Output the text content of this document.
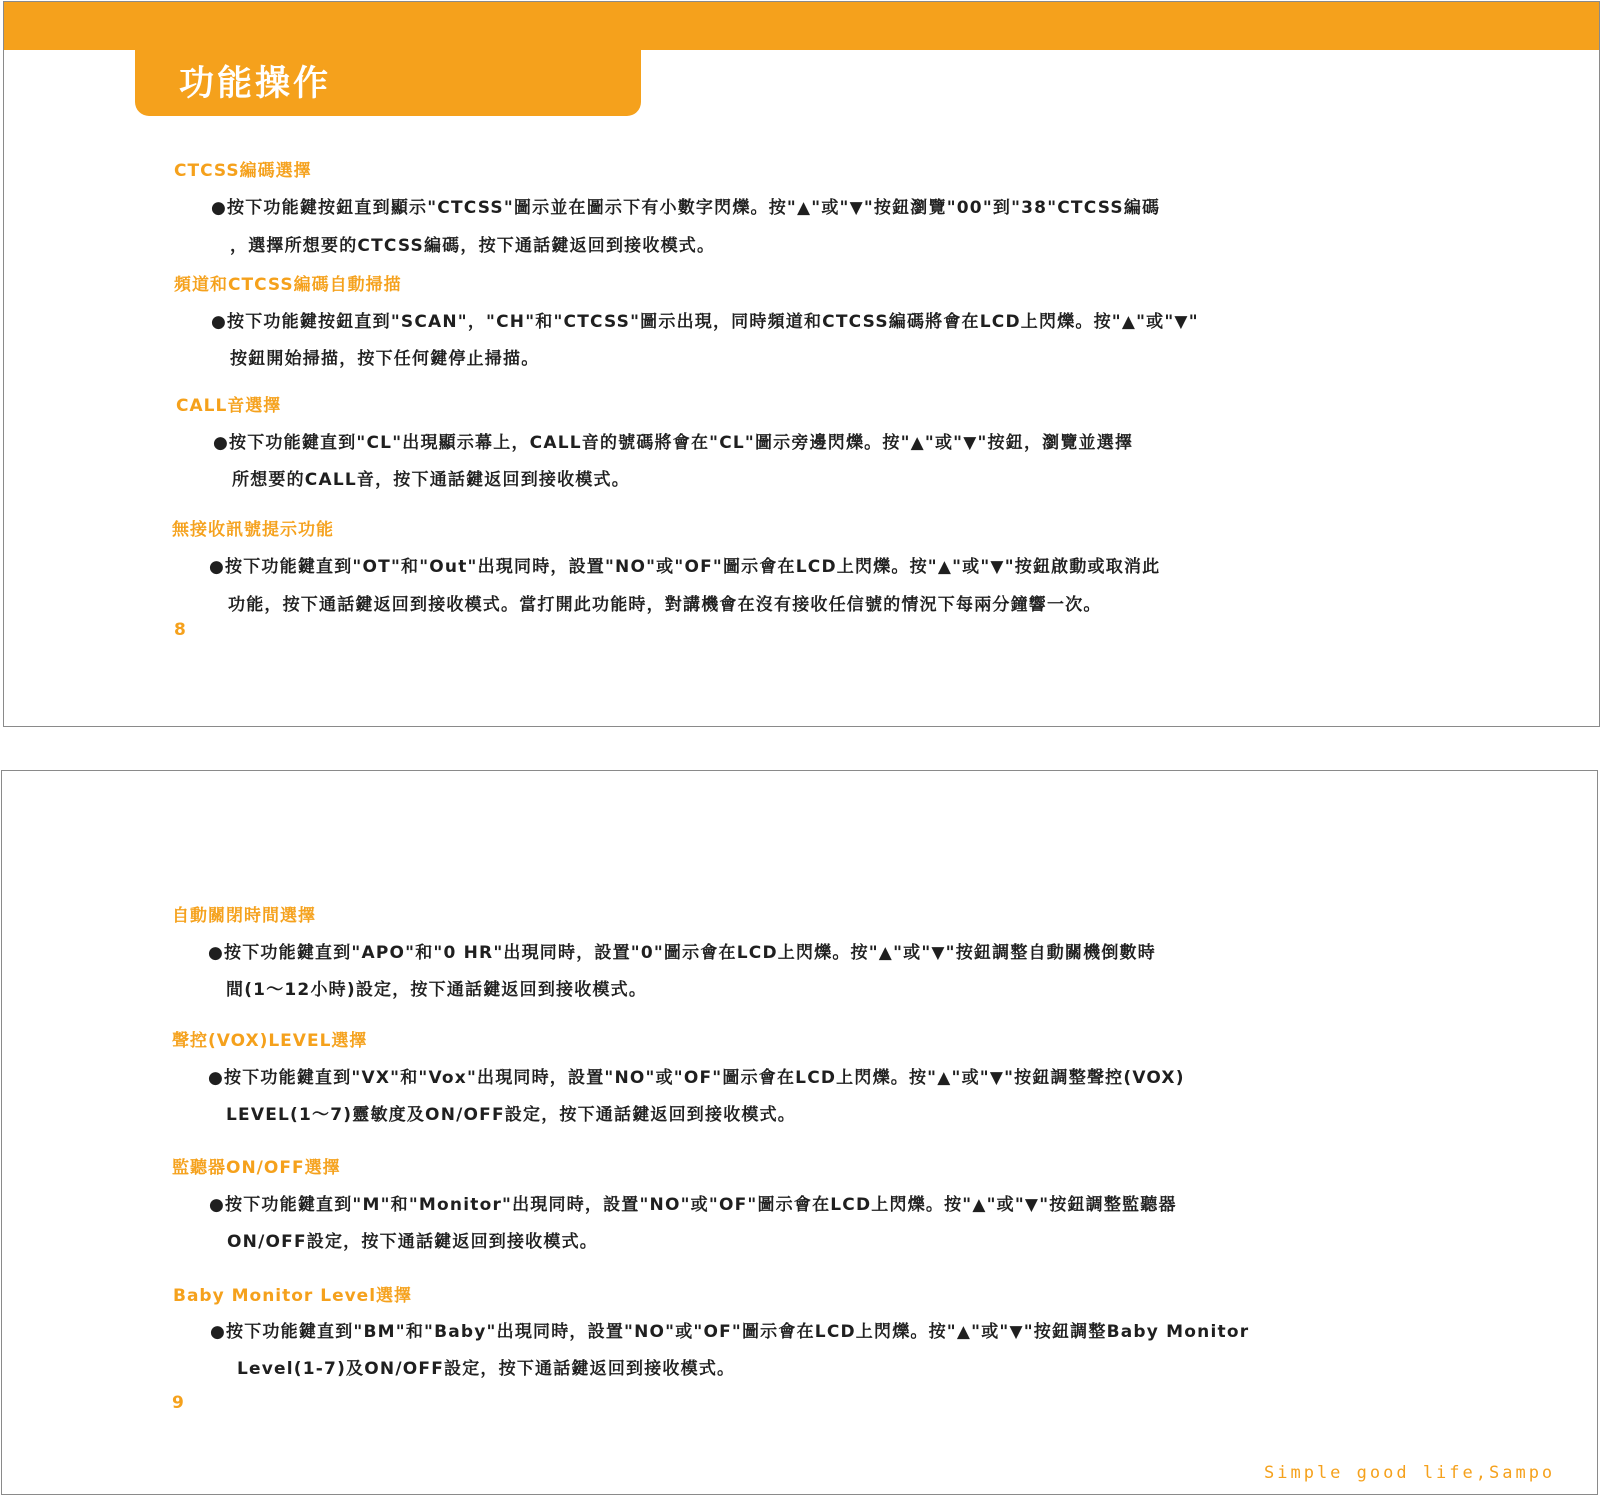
功能操作
CTCSS編碼選擇
●按下功能鍵按鈕直到顯示"CTCSS"圖示並在圖示下有小數字閃爍。按"▲"或"▼"按鈕瀏覽"00"到"38"CTCSS編碼
，選擇所想要的CTCSS編碼，按下通話鍵返回到接收模式。
頻道和CTCSS編碼自動掃描
●按下功能鍵按鈕直到"SCAN"，"CH"和"CTCSS"圖示出現，同時頻道和CTCSS編碼將會在LCD上閃爍。按"▲"或"▼"
按鈕開始掃描，按下任何鍵停止掃描。
CALL音選擇
●按下功能鍵直到"CL"出現顯示幕上，CALL音的號碼將會在"CL"圖示旁邊閃爍。按"▲"或"▼"按鈕，瀏覽並選擇
所想要的CALL音，按下通話鍵返回到接收模式。
無接收訊號提示功能
●按下功能鍵直到"OT"和"Out"出現同時，設置"NO"或"OF"圖示會在LCD上閃爍。按"▲"或"▼"按鈕啟動或取消此
功能，按下通話鍵返回到接收模式。當打開此功能時，對講機會在沒有接收任信號的情況下每兩分鐘響一次。
8
自動關閉時間選擇
●按下功能鍵直到"APO"和"0 HR"出現同時，設置"0"圖示會在LCD上閃爍。按"▲"或"▼"按鈕調整自動關機倒數時
間(1～12小時)設定，按下通話鍵返回到接收模式。
聲控(VOX)LEVEL選擇
●按下功能鍵直到"VX"和"Vox"出現同時，設置"NO"或"OF"圖示會在LCD上閃爍。按"▲"或"▼"按鈕調整聲控(VOX)
LEVEL(1～7)靈敏度及ON/OFF設定，按下通話鍵返回到接收模式。
監聽器ON/OFF選擇
●按下功能鍵直到"M"和"Monitor"出現同時，設置"NO"或"OF"圖示會在LCD上閃爍。按"▲"或"▼"按鈕調整監聽器
ON/OFF設定，按下通話鍵返回到接收模式。
Baby Monitor Level選擇
●按下功能鍵直到"BM"和"Baby"出現同時，設置"NO"或"OF"圖示會在LCD上閃爍。按"▲"或"▼"按鈕調整Baby Monitor
Level(1-7)及ON/OFF設定，按下通話鍵返回到接收模式。
9
Simple good life,Sampo
